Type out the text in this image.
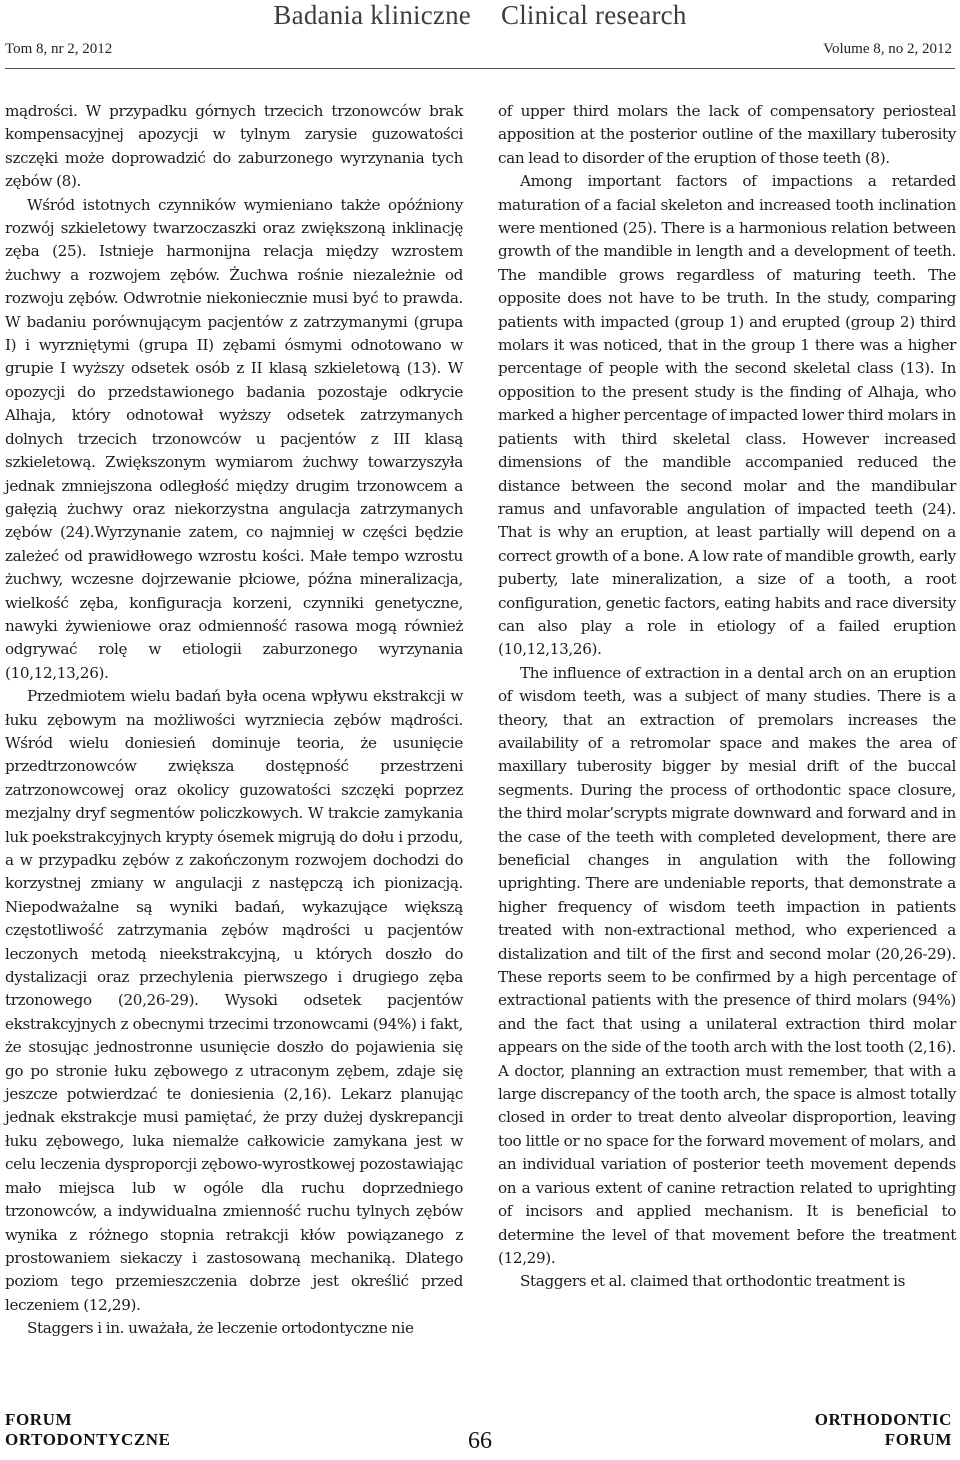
Badania kliniczne Clinical research
Tom 8, nr 2, 2012	Volume 8, no 2, 2012

mądrości. W przypadku górnych trzecich trzonowców brak kompensacyjnej apozycji w tylnym zarysie guzowatości szczęki może doprowadzić do zaburzonego wyrzynania tych zębów (8).

Wśród istotnych czynników wymieniano także opóźniony rozwój szkieletowy twarzoczaszki oraz zwiększoną inklinację zęba (25). Istnieje harmonijna relacja między wzrostem żuchwy a rozwojem zębów. Żuchwa rośnie niezależnie od rozwoju zębów. Odwrotnie niekoniecznie musi być to prawda. W badaniu porównującym pacjentów z zatrzymanymi (grupa I) i wyrzniętymi (grupa II) zębami ósmymi odnotowano w grupie I wyższy odsetek osób z II klasą szkieletową (13). W opozycji do przedstawionego badania pozostaje odkrycie Alhaja, który odnotował wyższy odsetek zatrzymanych dolnych trzecich trzonowców u pacjentów z III klasą szkieletową. Zwiększonym wymiarom żuchwy towarzyszyła jednak zmniejszona odległość między drugim trzonowcem a gałęzią żuchwy oraz niekorzystna angulacja zatrzymanych zębów (24).Wyrzynanie zatem, co najmniej w części będzie zależeć od prawidłowego wzrostu kości. Małe tempo wzrostu żuchwy, wczesne dojrzewanie płciowe, późna mineralizacja, wielkość zęba, konfiguracja korzeni, czynniki genetyczne, nawyki żywieniowe oraz odmienność rasowa mogą również odgrywać rolę w etiologii zaburzonego wyrzynania (10,12,13,26).

Przedmiotem wielu badań była ocena wpływu ekstrakcji w łuku zębowym na możliwości wyrzniecia zębów mądrości. Wśród wielu doniesień dominuje teoria, że usunięcie przedtrzonowców zwiększa dostępność przestrzeni zatrzonowcowej oraz okolicy guzowatości szczęki poprzez mezjalny dryf segmentów policzkowych. W trakcie zamykania luk poekstrakcyjnych krypty ósemek migrują do dołu i przodu, a w przypadku zębów z zakończonym rozwojem dochodzi do korzystnej zmiany w angulacji z następczą ich pionizacją. Niepodważalne są wyniki badań, wykazujące większą częstotliwość zatrzymania zębów mądrości u pacjentów leczonych metodą nieekstrakcyjną, u których doszło do dystalizacji oraz przechylenia pierwszego i drugiego zęba trzonowego (20,26-29). Wysoki odsetek pacjentów ekstrakcyjnych z obecnymi trzecimi trzonowcami (94%) i fakt, że stosując jednostronne usunięcie doszło do pojawienia się go po stronie łuku zębowego z utraconym zębem, zdaje się jeszcze potwierdzać te doniesienia (2,16). Lekarz planując jednak ekstrakcje musi pamiętać, że przy dużej dyskrepancji łuku zębowego, luka niemalże całkowicie zamykana jest w celu leczenia dysproporcji zębowo-wyrostkowej pozostawiając mało miejsca lub w ogóle dla ruchu doprzedniego trzonowców, a indywidualna zmienność ruchu tylnych zębów wynika z różnego stopnia retrakcji kłów powiązanego z prostowaniem siekaczy i zastosowaną mechaniką. Dlatego poziom tego przemieszczenia dobrze jest określić przed leczeniem (12,29).

Staggers i in. uważała, że leczenie ortodontyczne nie

of upper third molars the lack of compensatory periosteal apposition at the posterior outline of the maxillary tuberosity can lead to disorder of the eruption of those teeth (8).

Among important factors of impactions a retarded maturation of a facial skeleton and increased tooth inclination were mentioned (25). There is a harmonious relation between growth of the mandible in length and a development of teeth. The mandible grows regardless of maturing teeth. The opposite does not have to be truth. In the study, comparing patients with impacted (group 1) and erupted (group 2) third molars it was noticed, that in the group 1 there was a higher percentage of people with the second skeletal class (13). In opposition to the present study is the finding of Alhaja, who marked a higher percentage of impacted lower third molars in patients with third skeletal class. However increased dimensions of the mandible accompanied reduced the distance between the second molar and the mandibular ramus and unfavorable angulation of impacted teeth (24). That is why an eruption, at least partially will depend on a correct growth of a bone. A low rate of mandible growth, early puberty, late mineralization, a size of a tooth, a root configuration, genetic factors, eating habits and race diversity can also play a role in etiology of a failed eruption (10,12,13,26).

The influence of extraction in a dental arch on an eruption of wisdom teeth, was a subject of many studies. There is a theory, that an extraction of premolars increases the availability of a retromolar space and makes the area of maxillary tuberosity bigger by mesial drift of the buccal segments. During the process of orthodontic space closure, the third molar’scrypts migrate downward and forward and in the case of the teeth with completed development, there are beneficial changes in angulation with the following uprighting. There are undeniable reports, that demonstrate a higher frequency of wisdom teeth impaction in patients treated with non-extractional method, who experienced a distalization and tilt of the first and second molar (20,26-29). These reports seem to be confirmed by a high percentage of extractional patients with the presence of third molars (94%) and the fact that using a unilateral extraction third molar appears on the side of the tooth arch with the lost tooth (2,16). A doctor, planning an extraction must remember, that with a large discrepancy of the tooth arch, the space is almost totally closed in order to treat dento alveolar disproportion, leaving too little or no space for the forward movement of molars, and an individual variation of posterior teeth movement depends on a various extent of canine retraction related to uprighting of incisors and applied mechanism. It is beneficial to determine the level of that movement before the treatment (12,29).

Staggers et al. claimed that orthodontic treatment is

FORUM
ORTODONTYCZNE	66
ORTHODONTIC
FORUM
